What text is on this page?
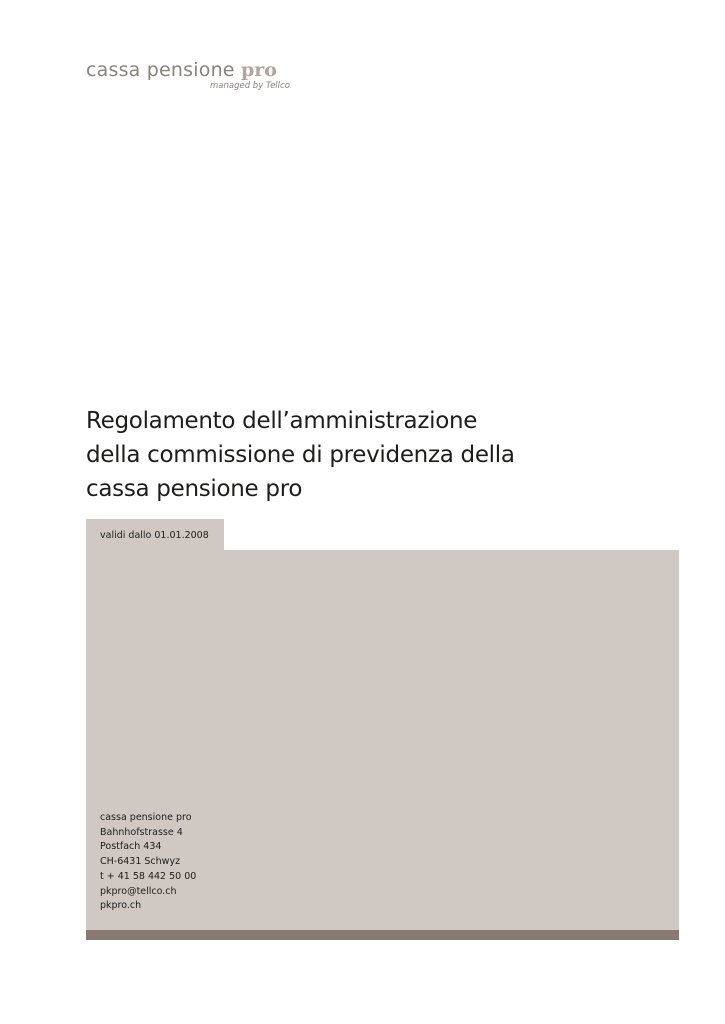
cassa pensione pro
managed by Tellco
Regolamento dell’amministrazione
della commissione di previdenza della
cassa pensione pro
validi dallo 01.01.2008
cassa pensione pro
Bahnhofstrasse 4
Postfach 434
CH-6431 Schwyz
t + 41 58 442 50 00
pkpro@tellco.ch
pkpro.ch
